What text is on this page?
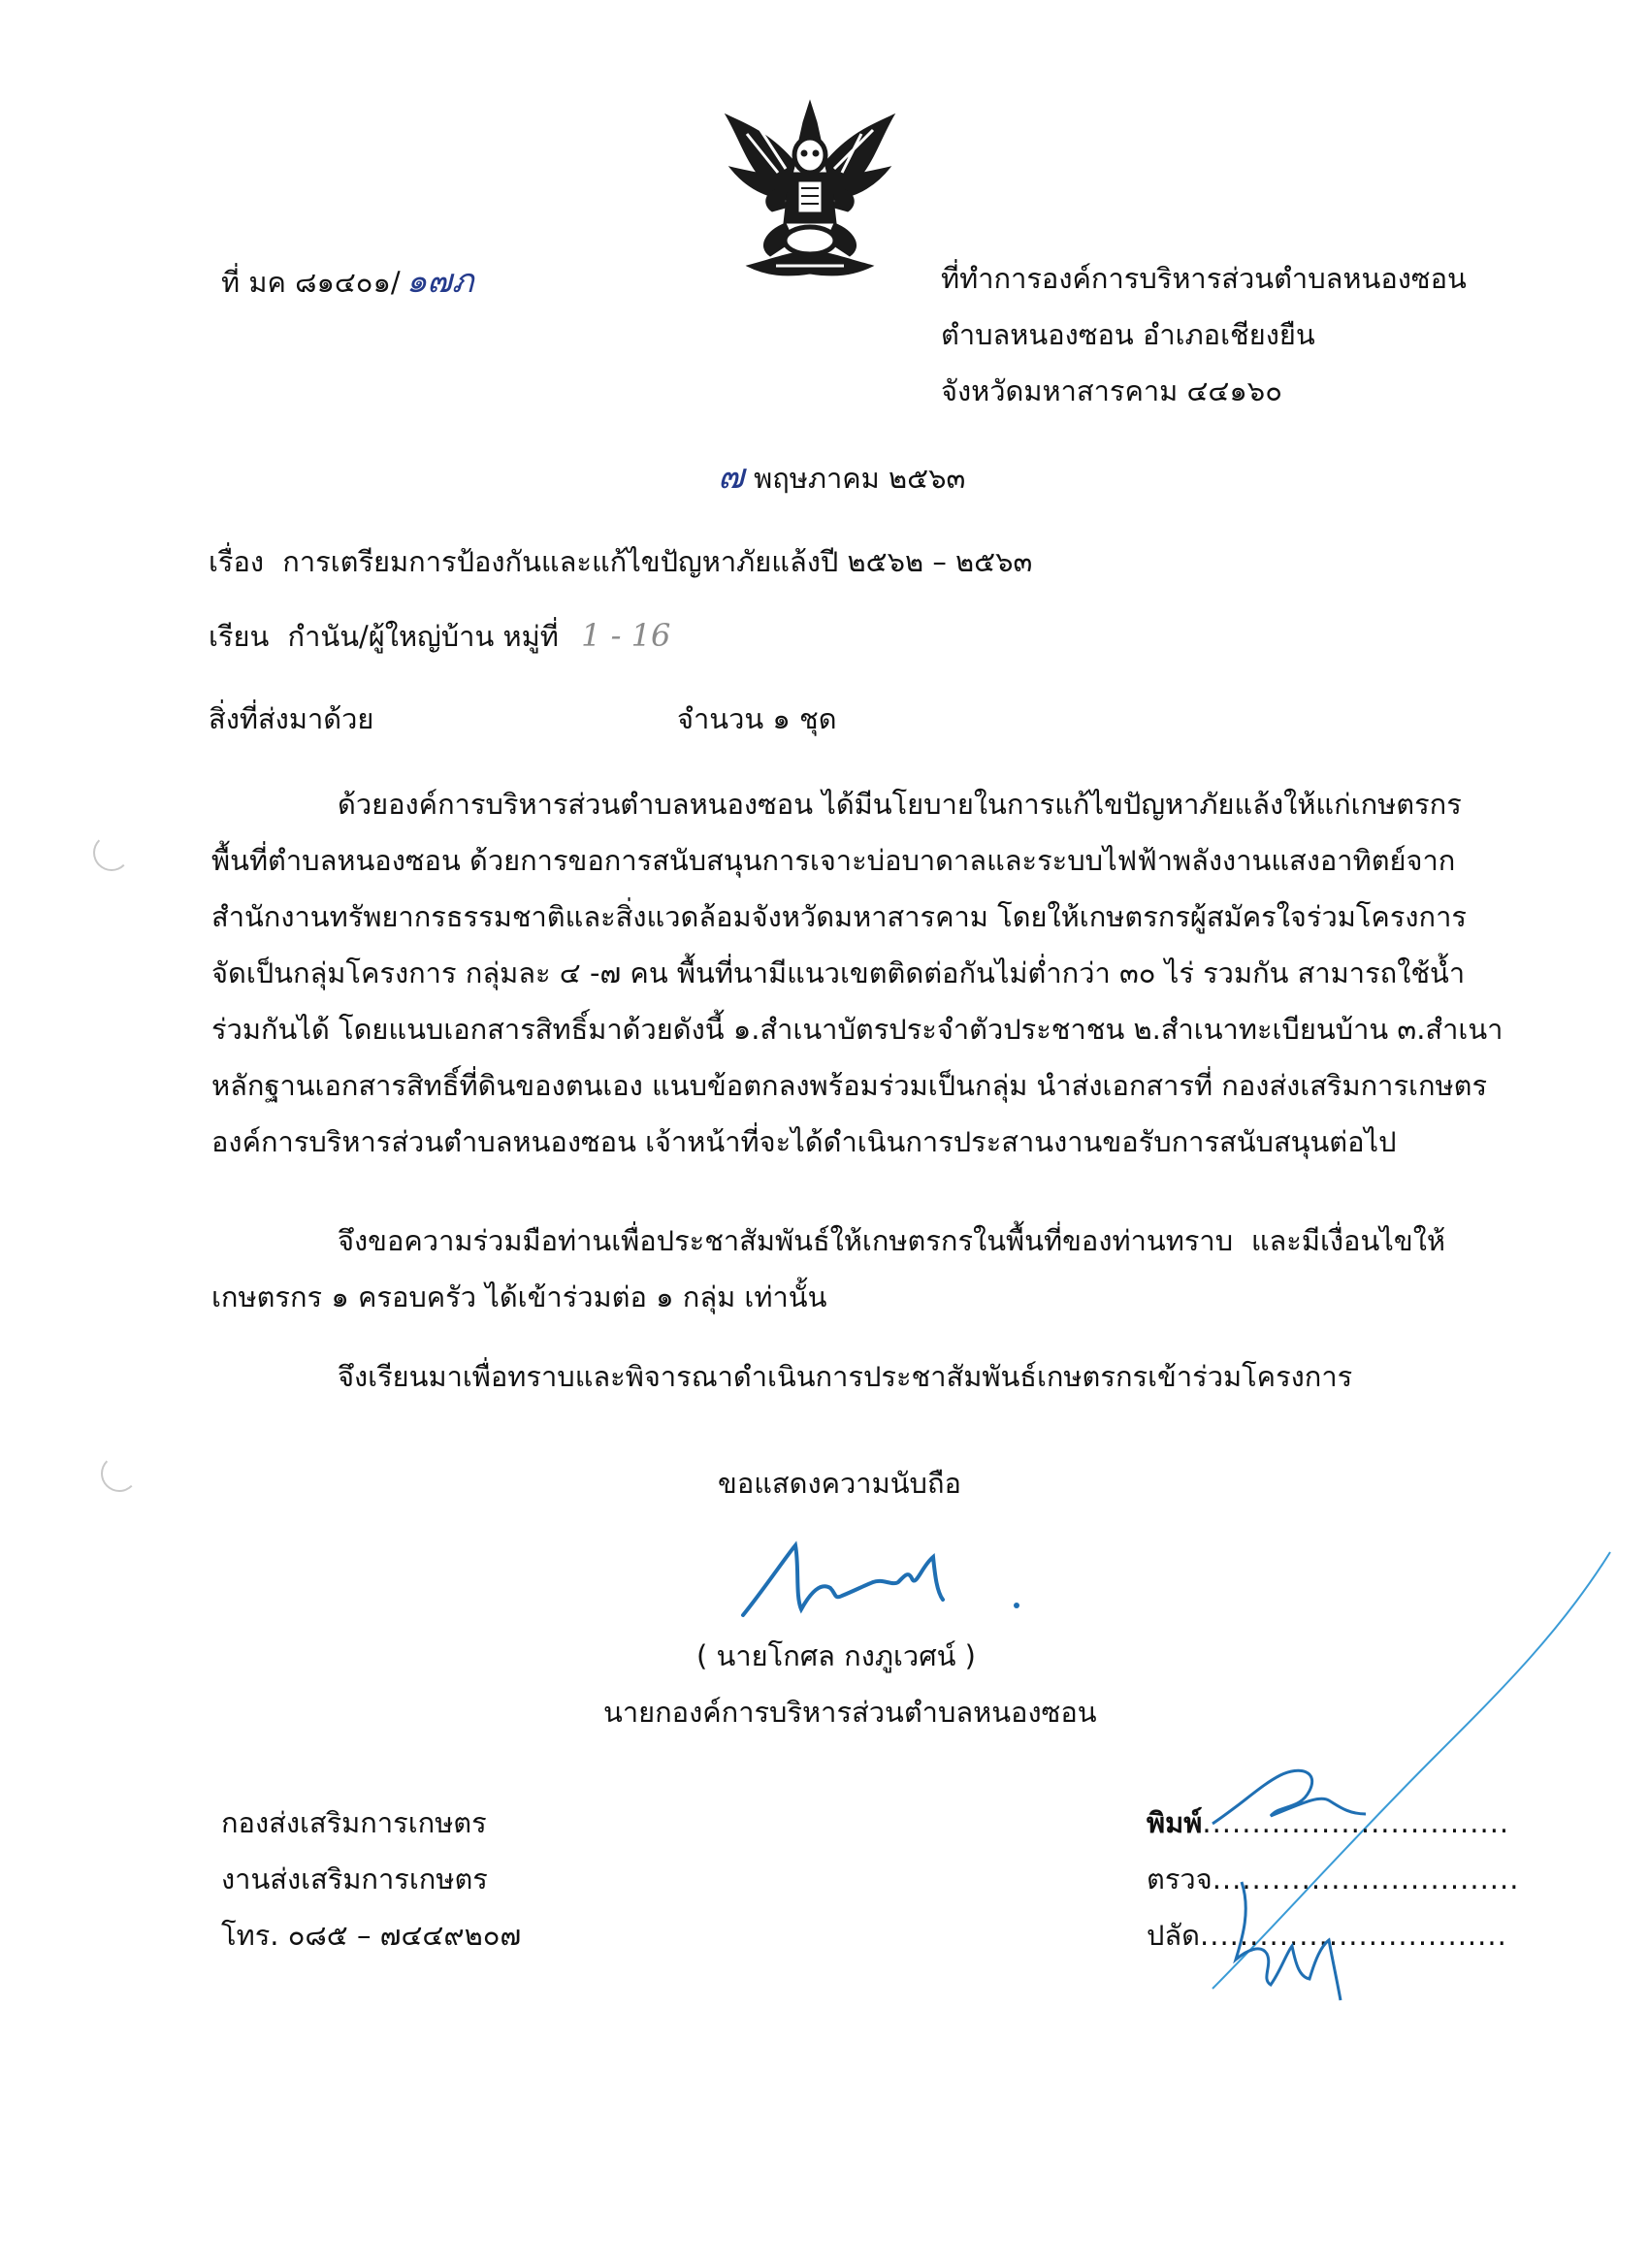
ที่ มค ๘๑๔๐๑/ ๑๗ภ	ที่ทำการองค์การบริหารส่วนตำบลหนองซอน
ตำบลหนองซอน อำเภอเชียงยืน
จังหวัดมหาสารคาม ๔๔๑๖๐
๗ พฤษภาคม ๒๕๖๓
เรื่อง การเตรียมการป้องกันและแก้ไขปัญหาภัยแล้งปี ๒๕๖๒ – ๒๕๖๓
เรียน กำนัน/ผู้ใหญ่บ้าน หมู่ที่ 1 - 16
สิ่งที่ส่งมาด้วย	จำนวน ๑ ชุด
ด้วยองค์การบริหารส่วนตำบลหนองซอน ได้มีนโยบายในการแก้ไขปัญหาภัยแล้งให้แก่เกษตรกร
พื้นที่ตำบลหนองซอน ด้วยการขอการสนับสนุนการเจาะบ่อบาดาลและระบบไฟฟ้าพลังงานแสงอาทิตย์จาก
สำนักงานทรัพยากรธรรมชาติและสิ่งแวดล้อมจังหวัดมหาสารคาม โดยให้เกษตรกรผู้สมัครใจร่วมโครงการ
จัดเป็นกลุ่มโครงการ กลุ่มละ ๔ -๗ คน พื้นที่นามีแนวเขตติดต่อกันไม่ต่ำกว่า ๓๐ ไร่ รวมกัน สามารถใช้น้ำ
ร่วมกันได้ โดยแนบเอกสารสิทธิ์มาด้วยดังนี้ ๑.สำเนาบัตรประจำตัวประชาชน ๒.สำเนาทะเบียนบ้าน ๓.สำเนา
หลักฐานเอกสารสิทธิ์ที่ดินของตนเอง แนบข้อตกลงพร้อมร่วมเป็นกลุ่ม นำส่งเอกสารที่ กองส่งเสริมการเกษตร
องค์การบริหารส่วนตำบลหนองซอน เจ้าหน้าที่จะได้ดำเนินการประสานงานขอรับการสนับสนุนต่อไป
จึงขอความร่วมมือท่านเพื่อประชาสัมพันธ์ให้เกษตรกรในพื้นที่ของท่านทราบ และมีเงื่อนไขให้
เกษตรกร ๑ ครอบครัว ได้เข้าร่วมต่อ ๑ กลุ่ม เท่านั้น
จึงเรียนมาเพื่อทราบและพิจารณาดำเนินการประชาสัมพันธ์เกษตรกรเข้าร่วมโครงการ
ขอแสดงความนับถือ
( นายโกศล กงภูเวศน์ )
นายกองค์การบริหารส่วนตำบลหนองซอน
กองส่งเสริมการเกษตร
งานส่งเสริมการเกษตร
โทร. ๐๘๕ – ๗๔๔๙๒๐๗
พิมพ์...............................
ตรวจ...............................
ปลัด...............................
